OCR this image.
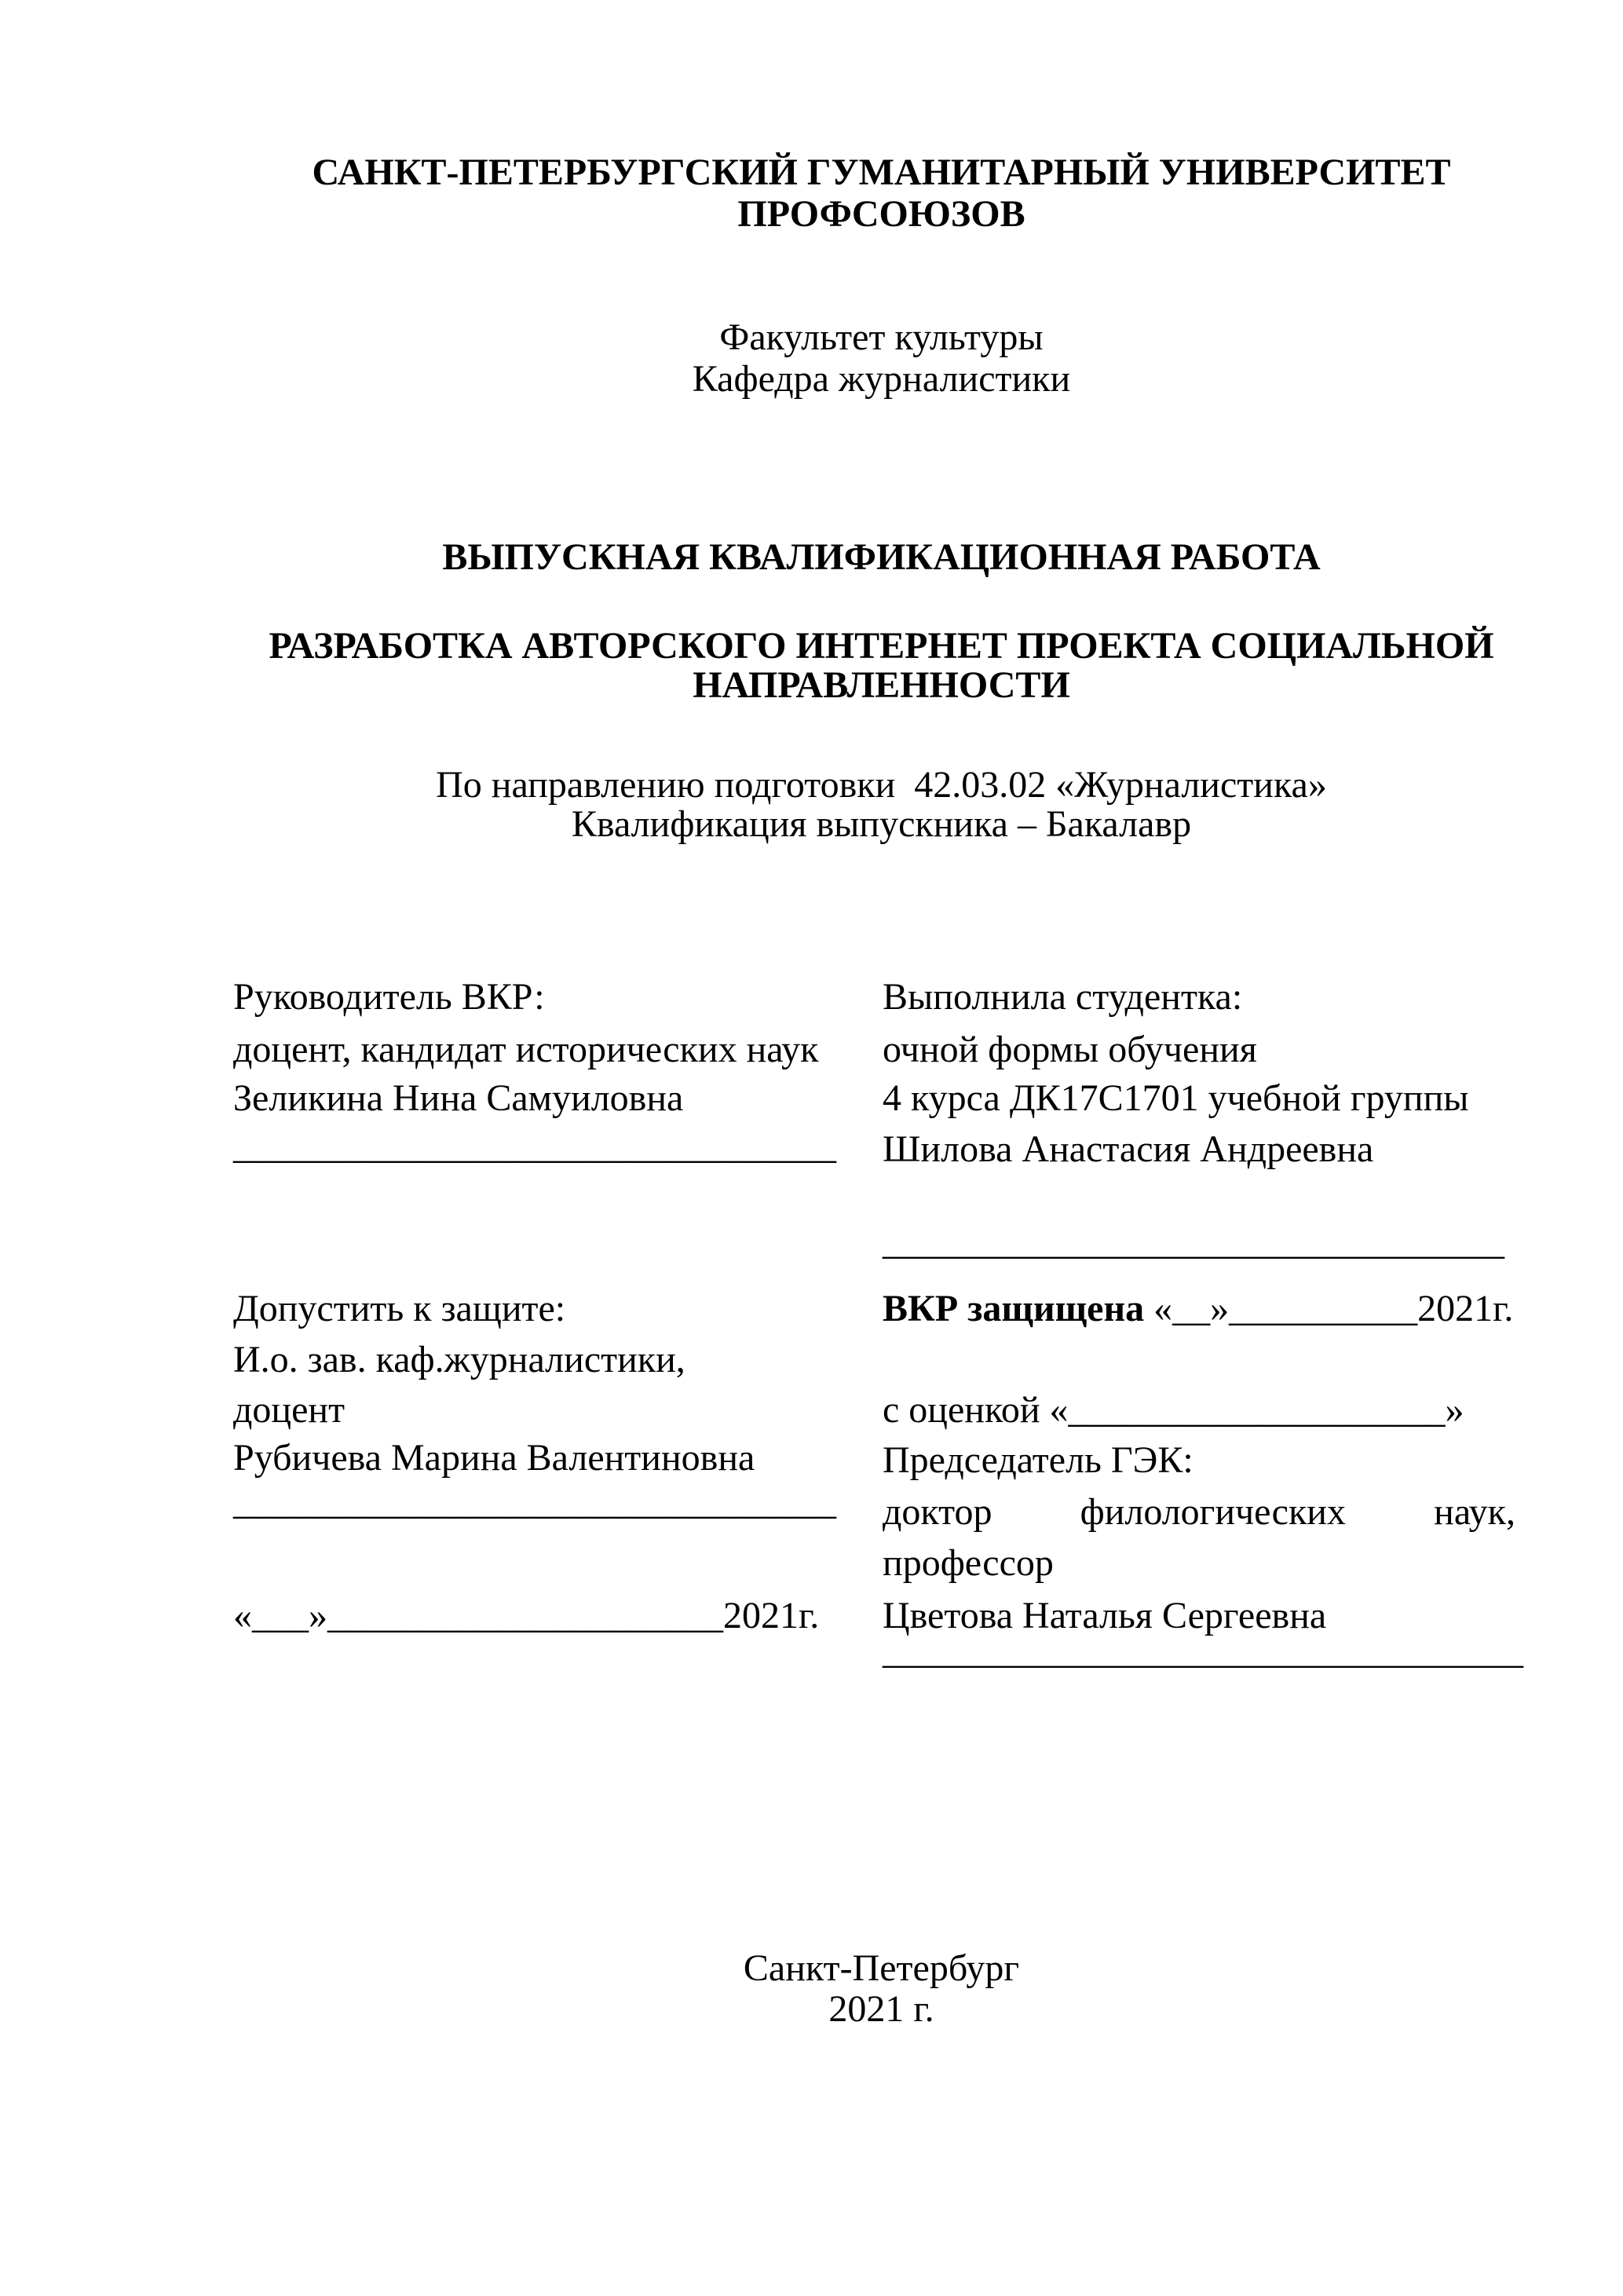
САНКТ-ПЕТЕРБУРГСКИЙ ГУМАНИТАРНЫЙ УНИВЕРСИТЕТ
ПРОФСОЮЗОВ
Факультет культуры
Кафедра журналистики
ВЫПУСКНАЯ КВАЛИФИКАЦИОННАЯ РАБОТА
РАЗРАБОТКА АВТОРСКОГО ИНТЕРНЕТ ПРОЕКТА СОЦИАЛЬНОЙ
НАПРАВЛЕННОСТИ
По направлению подготовки  42.03.02 «Журналистика»
Квалификация выпускника – Бакалавр
Руководитель ВКР:
доцент, кандидат исторических наук
Зеликина Нина Самуиловна
________________________________
Допустить к защите:
И.о. зав. каф.журналистики,
доцент
Рубичева Марина Валентиновна
________________________________
«___»_____________________2021г.
Выполнила студентка:
очной формы обучения
4 курса ДК17С1701 учебной группы
Шилова Анастасия Андреевна
_________________________________
ВКР защищена «__»__________2021г.
с оценкой «____________________»
Председатель ГЭК:
доктор филологических наук,
профессор
Цветова Наталья Сергеевна
__________________________________
Санкт-Петербург
2021 г.
